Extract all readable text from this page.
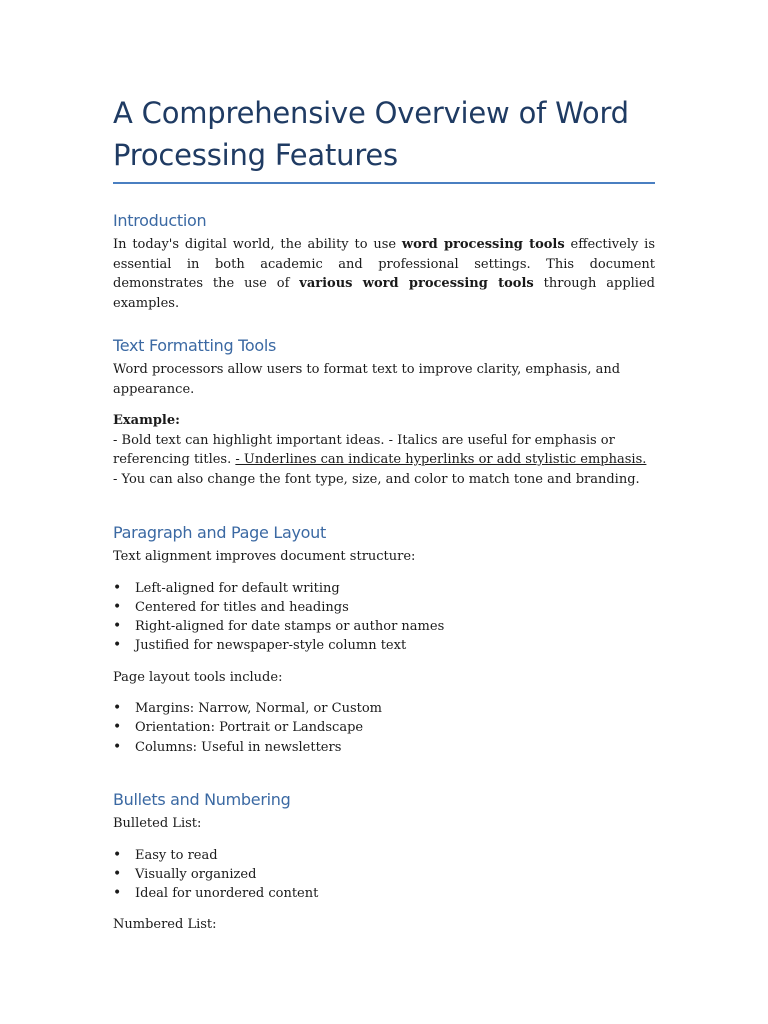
A Comprehensive Overview of Word Processing Features
Introduction

In today's digital world, the ability to use word processing tools effectively is essential in both academic and professional settings. This document demonstrates the use of various word processing tools through applied examples.

Text Formatting Tools

Word processors allow users to format text to improve clarity, emphasis, and appearance.

Example:
- Bold text can highlight important ideas. - Italics are useful for emphasis or referencing titles. - Underlines can indicate hyperlinks or add stylistic emphasis.
- You can also change the font type, size, and color to match tone and branding.

Paragraph and Page Layout

Text alignment improves document structure:

• Left-aligned for default writing
• Centered for titles and headings
• Right-aligned for date stamps or author names
• Justified for newspaper-style column text

Page layout tools include:

• Margins: Narrow, Normal, or Custom
• Orientation: Portrait or Landscape
• Columns: Useful in newsletters
Bullets and Numbering

Bulleted List:

• Easy to read
• Visually organized
• Ideal for unordered content

Numbered List:
